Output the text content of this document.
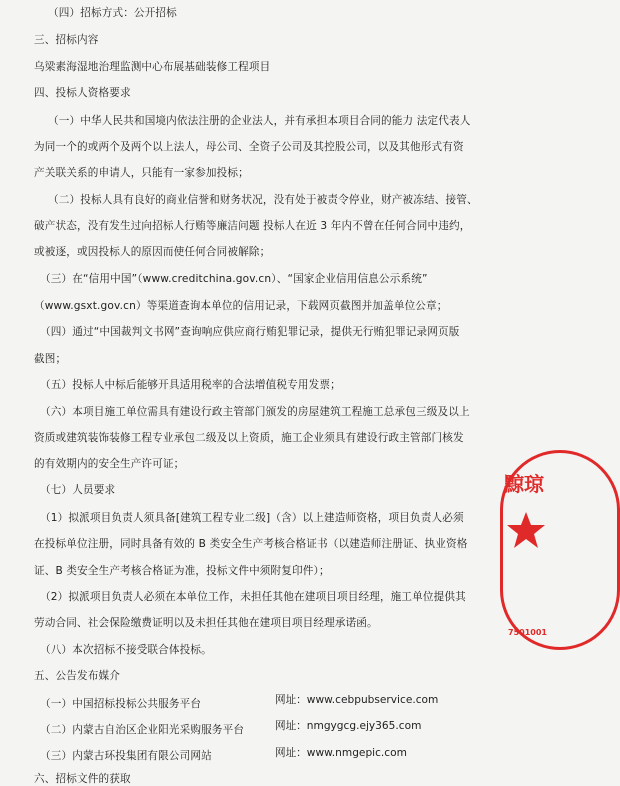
（四）招标方式：公开招标
三、招标内容
乌梁素海湿地治理监测中心布展基础装修工程项目
四、投标人资格要求
（一）中华人民共和国境内依法注册的企业法人，并有承担本项目合同的能力 法定代表人
为同一个的或两个及两个以上法人，母公司、全资子公司及其控股公司，以及其他形式有资
产关联关系的申请人，只能有一家参加投标；
（二）投标人具有良好的商业信誉和财务状况，没有处于被责令停业，财产被冻结、接管、
破产状态，没有发生过向招标人行贿等廉洁问题 投标人在近 3 年内不曾在任何合同中违约，
或被逐，或因投标人的原因而使任何合同被解除；
（三）在“信用中国”（www.creditchina.gov.cn）、“国家企业信用信息公示系统”
（www.gsxt.gov.cn）等渠道查询本单位的信用记录，下载网页截图并加盖单位公章；
（四）通过“中国裁判文书网”查询响应供应商行贿犯罪记录，提供无行贿犯罪记录网页版
截图；
（五）投标人中标后能够开具适用税率的合法增值税专用发票；
（六）本项目施工单位需具有建设行政主管部门颁发的房屋建筑工程施工总承包三级及以上
资质或建筑装饰装修工程专业承包二级及以上资质，施工企业须具有建设行政主管部门核发
的有效期内的安全生产许可证；
（七）人员要求
（1）拟派项目负责人须具备[建筑工程专业二级]（含）以上建造师资格，项目负责人必须
在投标单位注册，同时具备有效的 B 类安全生产考核合格证书（以建造师注册证、执业资格
证、B 类安全生产考核合格证为准，投标文件中须附复印件）；
（2）拟派项目负责人必须在本单位工作，未担任其他在建项目项目经理，施工单位提供其
劳动合同、社会保险缴费证明以及未担任其他在建项目项目经理承诺函。
（八）本次招标不接受联合体投标。
五、公告发布媒介
（一）中国招标投标公共服务平台	网址：www.cebpubservice.com
（二）内蒙古自治区企业阳光采购服务平台	网址：nmgygcg.ejy365.com
（三）内蒙古环投集团有限公司网站	网址：www.nmgepic.com
六、招标文件的获取
黥琼
7501001
